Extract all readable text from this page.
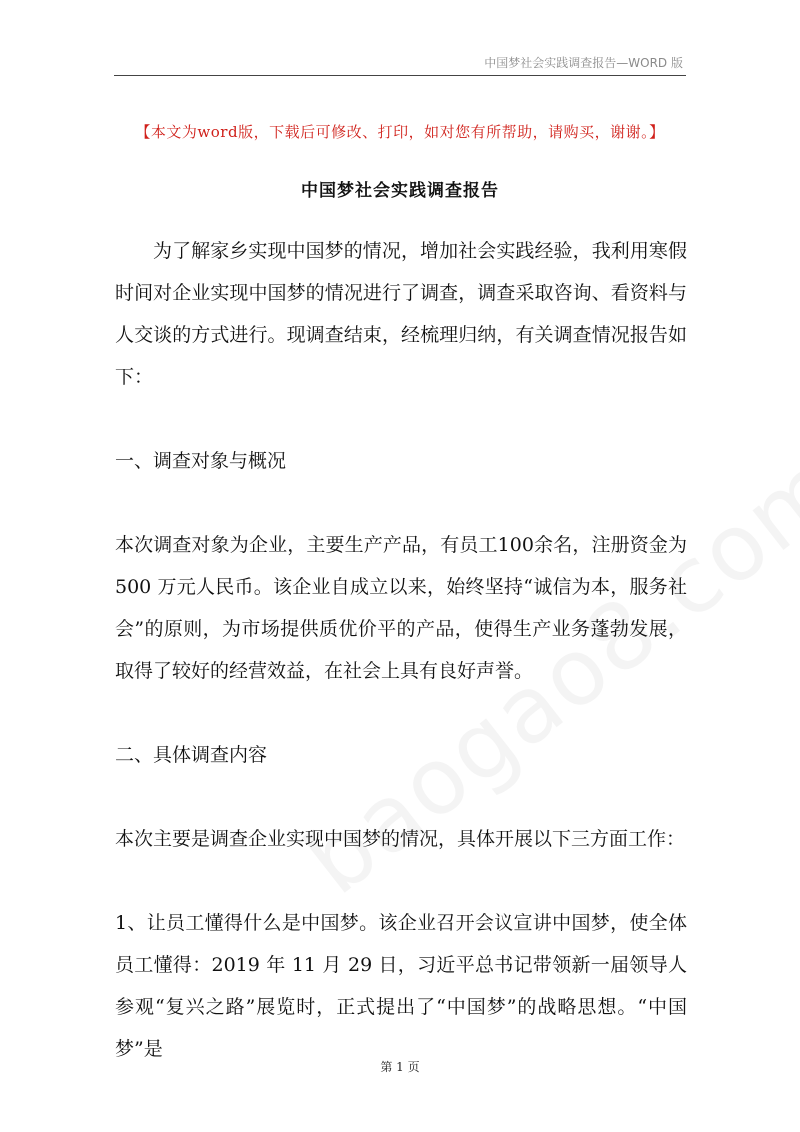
中国梦社会实践调查报告—WORD 版
【本文为word版，下载后可修改、打印，如对您有所帮助，请购买，谢谢。】
中国梦社会实践调查报告

为了解家乡实现中国梦的情况，增加社会实践经验，我利用寒假时间对企业实现中国梦的情况进行了调查，调查采取咨询、看资料与人交谈的方式进行。现调查结束，经梳理归纳，有关调查情况报告如下：

一、调查对象与概况

本次调查对象为企业，主要生产产品，有员工100余名，注册资金为500 万元人民币。该企业自成立以来，始终坚持“诚信为本，服务社会”的原则，为市场提供质优价平的产品，使得生产业务蓬勃发展，取得了较好的经营效益，在社会上具有良好声誉。

二、具体调查内容

本次主要是调查企业实现中国梦的情况，具体开展以下三方面工作：

1、让员工懂得什么是中国梦。该企业召开会议宣讲中国梦，使全体员工懂得：2019 年 11 月 29 日，习近平总书记带领新一届领导人参观“复兴之路”展览时，正式提出了“中国梦”的战略思想。“中国梦”是

第 1 页
